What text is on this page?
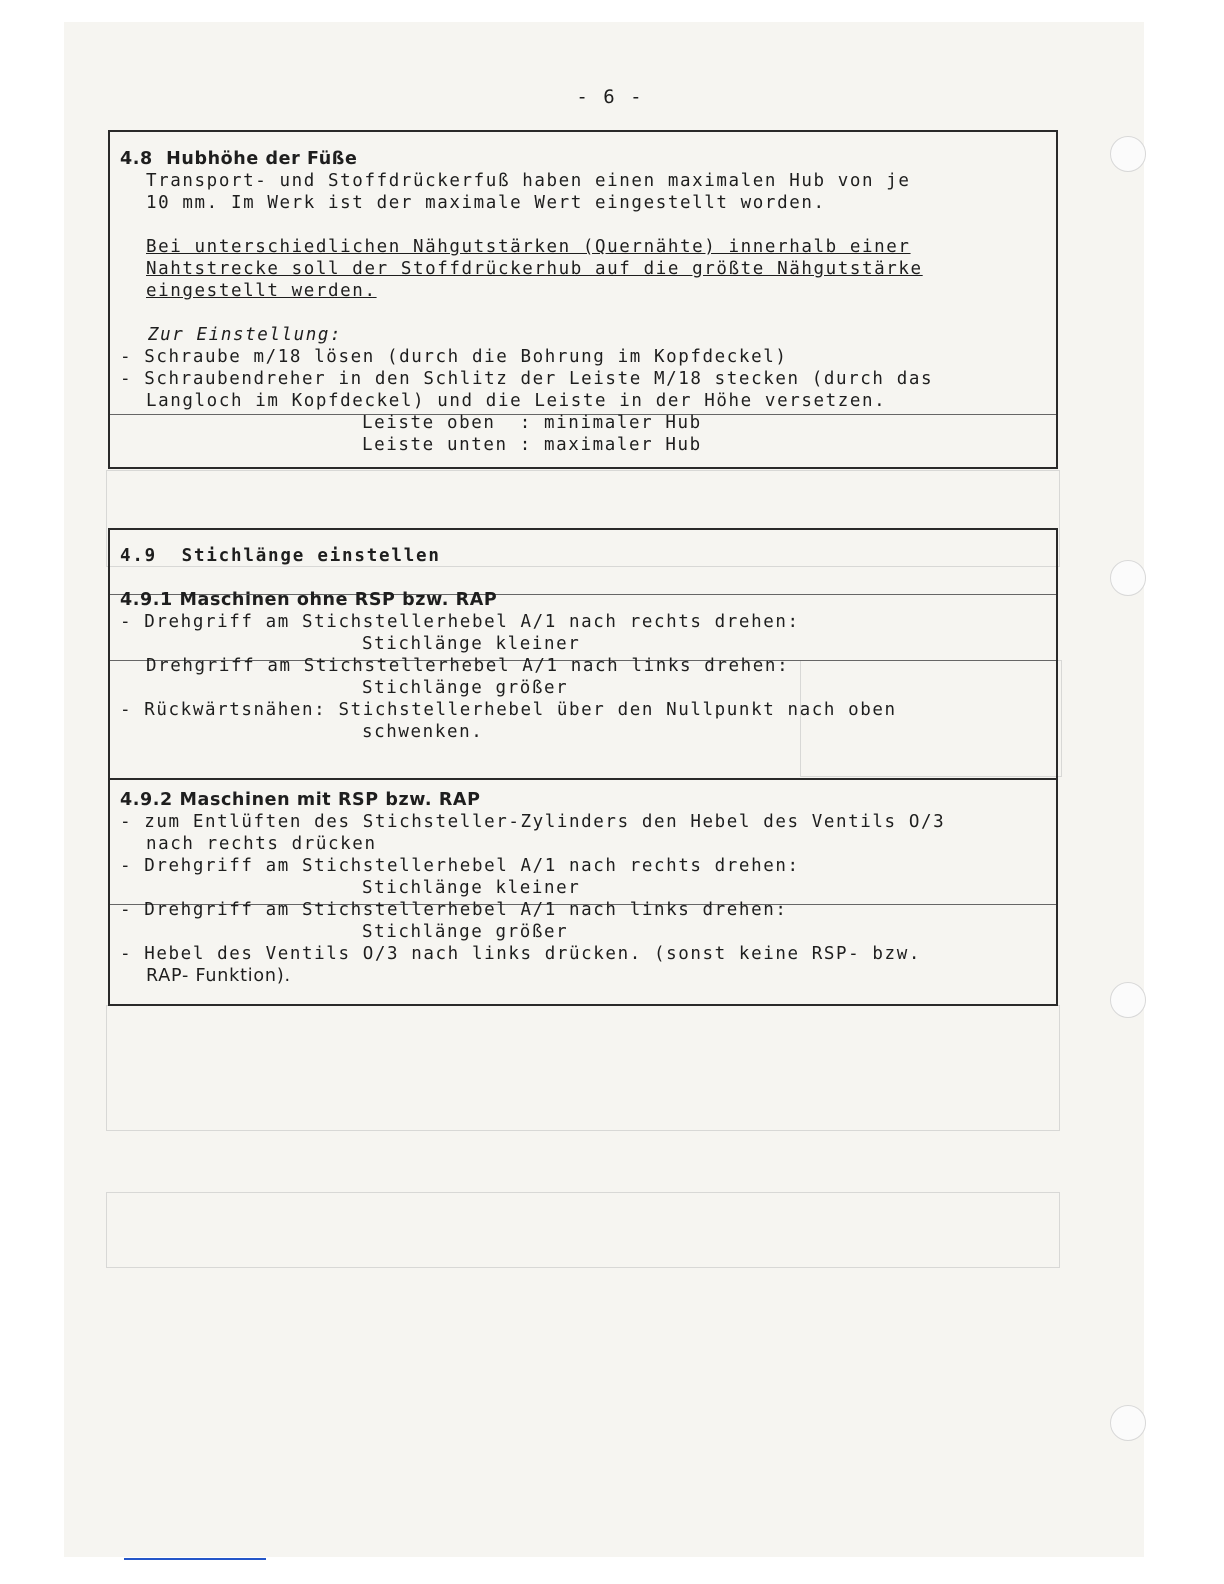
- 6 -
4.8  Hubhöhe der Füße
Transport- und Stoffdrückerfuß haben einen maximalen Hub von je
10 mm. Im Werk ist der maximale Wert eingestellt worden.
Bei unterschiedlichen Nähgutstärken (Quernähte) innerhalb einer
Nahtstrecke soll der Stoffdrückerhub auf die größte Nähgutstärke
eingestellt werden.
Zur Einstellung:
- Schraube m/18 lösen (durch die Bohrung im Kopfdeckel)
- Schraubendreher in den Schlitz der Leiste M/18 stecken (durch das
Langloch im Kopfdeckel) und die Leiste in der Höhe versetzen.
Leiste oben  : minimaler Hub
Leiste unten : maximaler Hub
4.9  Stichlänge einstellen
4.9.1 Maschinen ohne RSP bzw. RAP
- Drehgriff am Stichstellerhebel A/1 nach rechts drehen:
Stichlänge kleiner
Drehgriff am Stichstellerhebel A/1 nach links drehen:
Stichlänge größer
- Rückwärtsnähen: Stichstellerhebel über den Nullpunkt nach oben
schwenken.
4.9.2 Maschinen mit RSP bzw. RAP
- zum Entlüften des Stichsteller-Zylinders den Hebel des Ventils O/3
nach rechts drücken
- Drehgriff am Stichstellerhebel A/1 nach rechts drehen:
Stichlänge kleiner
- Drehgriff am Stichstellerhebel A/1 nach links drehen:
Stichlänge größer
- Hebel des Ventils O/3 nach links drücken. (sonst keine RSP- bzw.
RAP- Funktion).
